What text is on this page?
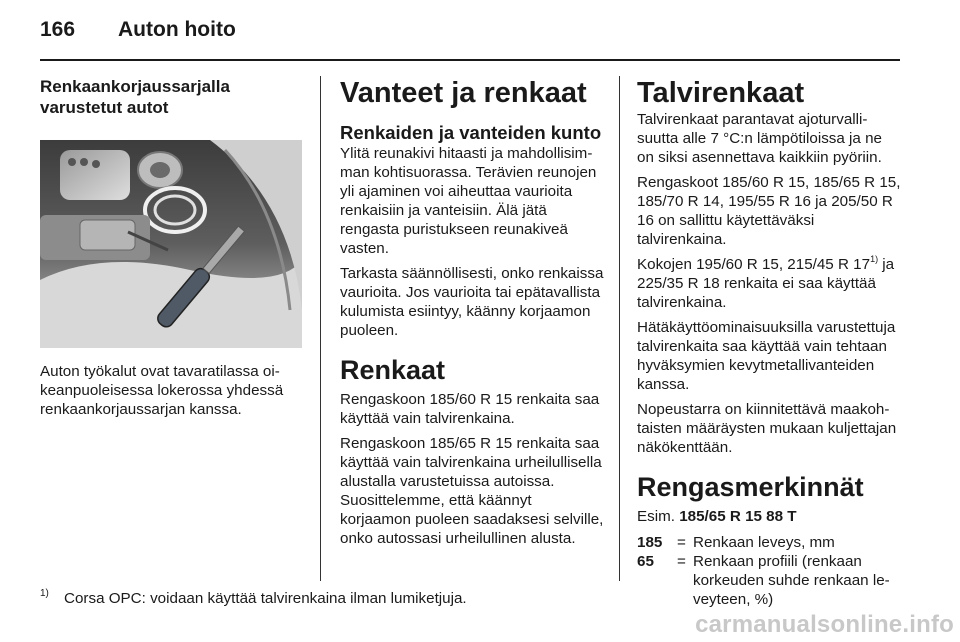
166 Auton hoito
Renkaankorjaussarjalla varustetut autot

Auton työkalut ovat tavaratilassa oikeanpuoleisessa lokerossa yhdessä renkaankorjaussarjan kanssa.

Vanteet ja renkaat
Renkaiden ja vanteiden kunto

Ylitä reunakivi hitaasti ja mahdollisimman kohtisuorassa. Terävien reunojen yli ajaminen voi aiheuttaa vaurioita renkaisiin ja vanteisiin. Älä jätä rengasta puristukseen reunakiveä vasten.

Tarkasta säännöllisesti, onko renkaissa vaurioita. Jos vaurioita tai epätavallista kulumista esiintyy, käänny korjaamon puoleen.

Renkaat

Rengaskoon 185/60 R 15 renkaita saa käyttää vain talvirenkaina.

Rengaskoon 185/65 R 15 renkaita saa käyttää vain talvirenkaina urheilullisella alustalla varustetuissa autoissa. Suosittelemme, että käännyt korjaamon puoleen saadaksesi selville, onko autossasi urheilullinen alusta.

Talvirenkaat

Talvirenkaat parantavat ajoturvallisuutta alle 7 °C:n lämpötiloissa ja ne on siksi asennettava kaikkiin pyöriin.

Rengaskoot 185/60 R 15, 185/65 R 15, 185/70 R 14, 195/55 R 16 ja 205/50 R 16 on sallittu käytettäväksi talvirenkaina.

Kokojen 195/60 R 15, 215/45 R 17$^{1)}$ ja 225/35 R 18 renkaita ei saa käyttää talvirenkaina.

Hätäkäyttöominaisuuksilla varustettuja talvirenkaita saa käyttää vain tehtaan hyväksymien kevytmetallivanteiden kanssa.

Nopeustarra on kiinnitettävä maakohtaisten määräysten mukaan kuljettajan näkökenttään.

Rengasmerkinnät

Esim. 185/65 R 15 88 T

185 = Renkaan leveys, mm
65	= Renkaan profiili (renkaan korkeuden suhde renkaan leveyteen, %)
1) Corsa OPC: voidaan käyttää talvirenkaina ilman lumiketjuja.
carmanualsonline.info
